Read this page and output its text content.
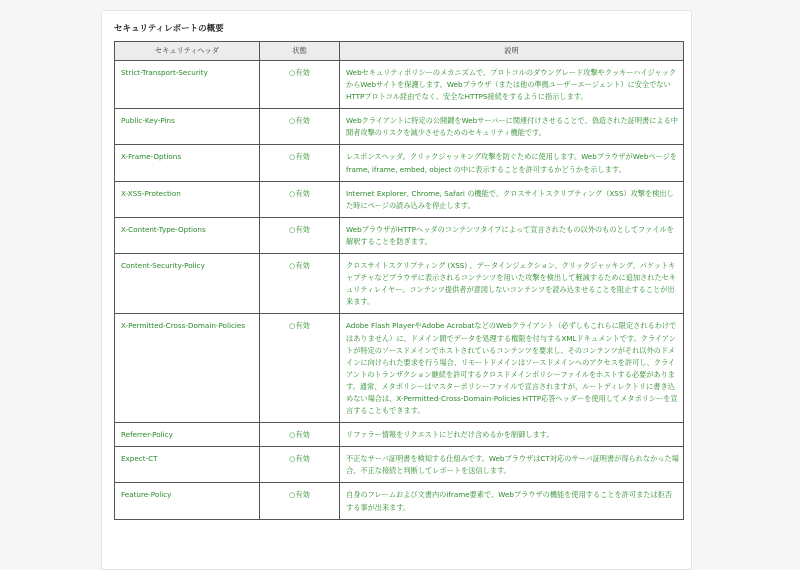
セキュリティレポートの概要
セキュリティヘッダ	状態	説明
Strict-Transport-Security	○有効	Webセキュリティポリシーのメカニズムで、プロトコルのダウングレード攻撃やクッキーハイジャックからWebサイトを保護します。Webブラウザ（または他の準拠ユーザーエージェント）に安全でないHTTPプロトコル経由でなく、安全なHTTPS接続をするように指示します。
Public-Key-Pins	○有効	Webクライアントに特定の公開鍵をWebサーバーに関連付けさせることで、偽造された証明書による中間者攻撃のリスクを減少させるためのセキュリティ機能です。
X-Frame-Options	○有効	レスポンスヘッダ。クリックジャッキング攻撃を防ぐために使用します。WebブラウザがWebページを frame, iframe, embed, object の中に表示することを許可するかどうかを示します。
X-XSS-Protection	○有効	Internet Explorer, Chrome, Safari の機能で、クロスサイトスクリプティング（XSS）攻撃を検出した時にページの読み込みを停止します。
X-Content-Type-Options	○有効	WebブラウザがHTTPヘッダのコンテンツタイプによって宣言されたもの以外のものとしてファイルを解釈することを防ぎます。
Content-Security-Policy	○有効	クロスサイトスクリプティング (XSS) 、データインジェクション、クリックジャッキング、パケットキャプチャなどブラウザに表示されるコンテンツを用いた攻撃を検出して軽減するために追加されたセキュリティレイヤー。コンテンツ提供者が意図しないコンテンツを読み込ませることを阻止することが出来ます。
X-Permitted-Cross-Domain-Policies	○有効	Adobe Flash PlayerやAdobe AcrobatなどのWebクライアント（必ずしもこれらに限定されるわけではありません）に、ドメイン間でデータを処理する権限を付与するXMLドキュメントです。クライアントが特定のソースドメインでホストされているコンテンツを要求し、そのコンテンツがそれ以外のドメインに向けられた要求を行う場合、リモートドメインはソースドメインへのアクセスを許可し、クライアントのトランザクション継続を許可するクロスドメインポリシーファイルをホストする必要があります。通常、メタポリシーはマスターポリシーファイルで宣言されますが、ルートディレクトリに書き込めない場合は、X-Permitted-Cross-Domain-Policies HTTP応答ヘッダーを使用してメタポリシーを宣言することもできます。
Referrer-Policy	○有効	リファラー情報をリクエストにどれだけ含めるかを制御します。
Expect-CT	○有効	不正なサーバ証明書を検知する仕組みです。WebブラウザはCT対応のサーバ証明書が得られなかった場合、不正な接続と判断してレポートを送信します。
Feature-Policy	○有効	自身のフレームおよび文書内のiframe要素で、Webブラウザの機能を使用することを許可または拒否する事が出来ます。
